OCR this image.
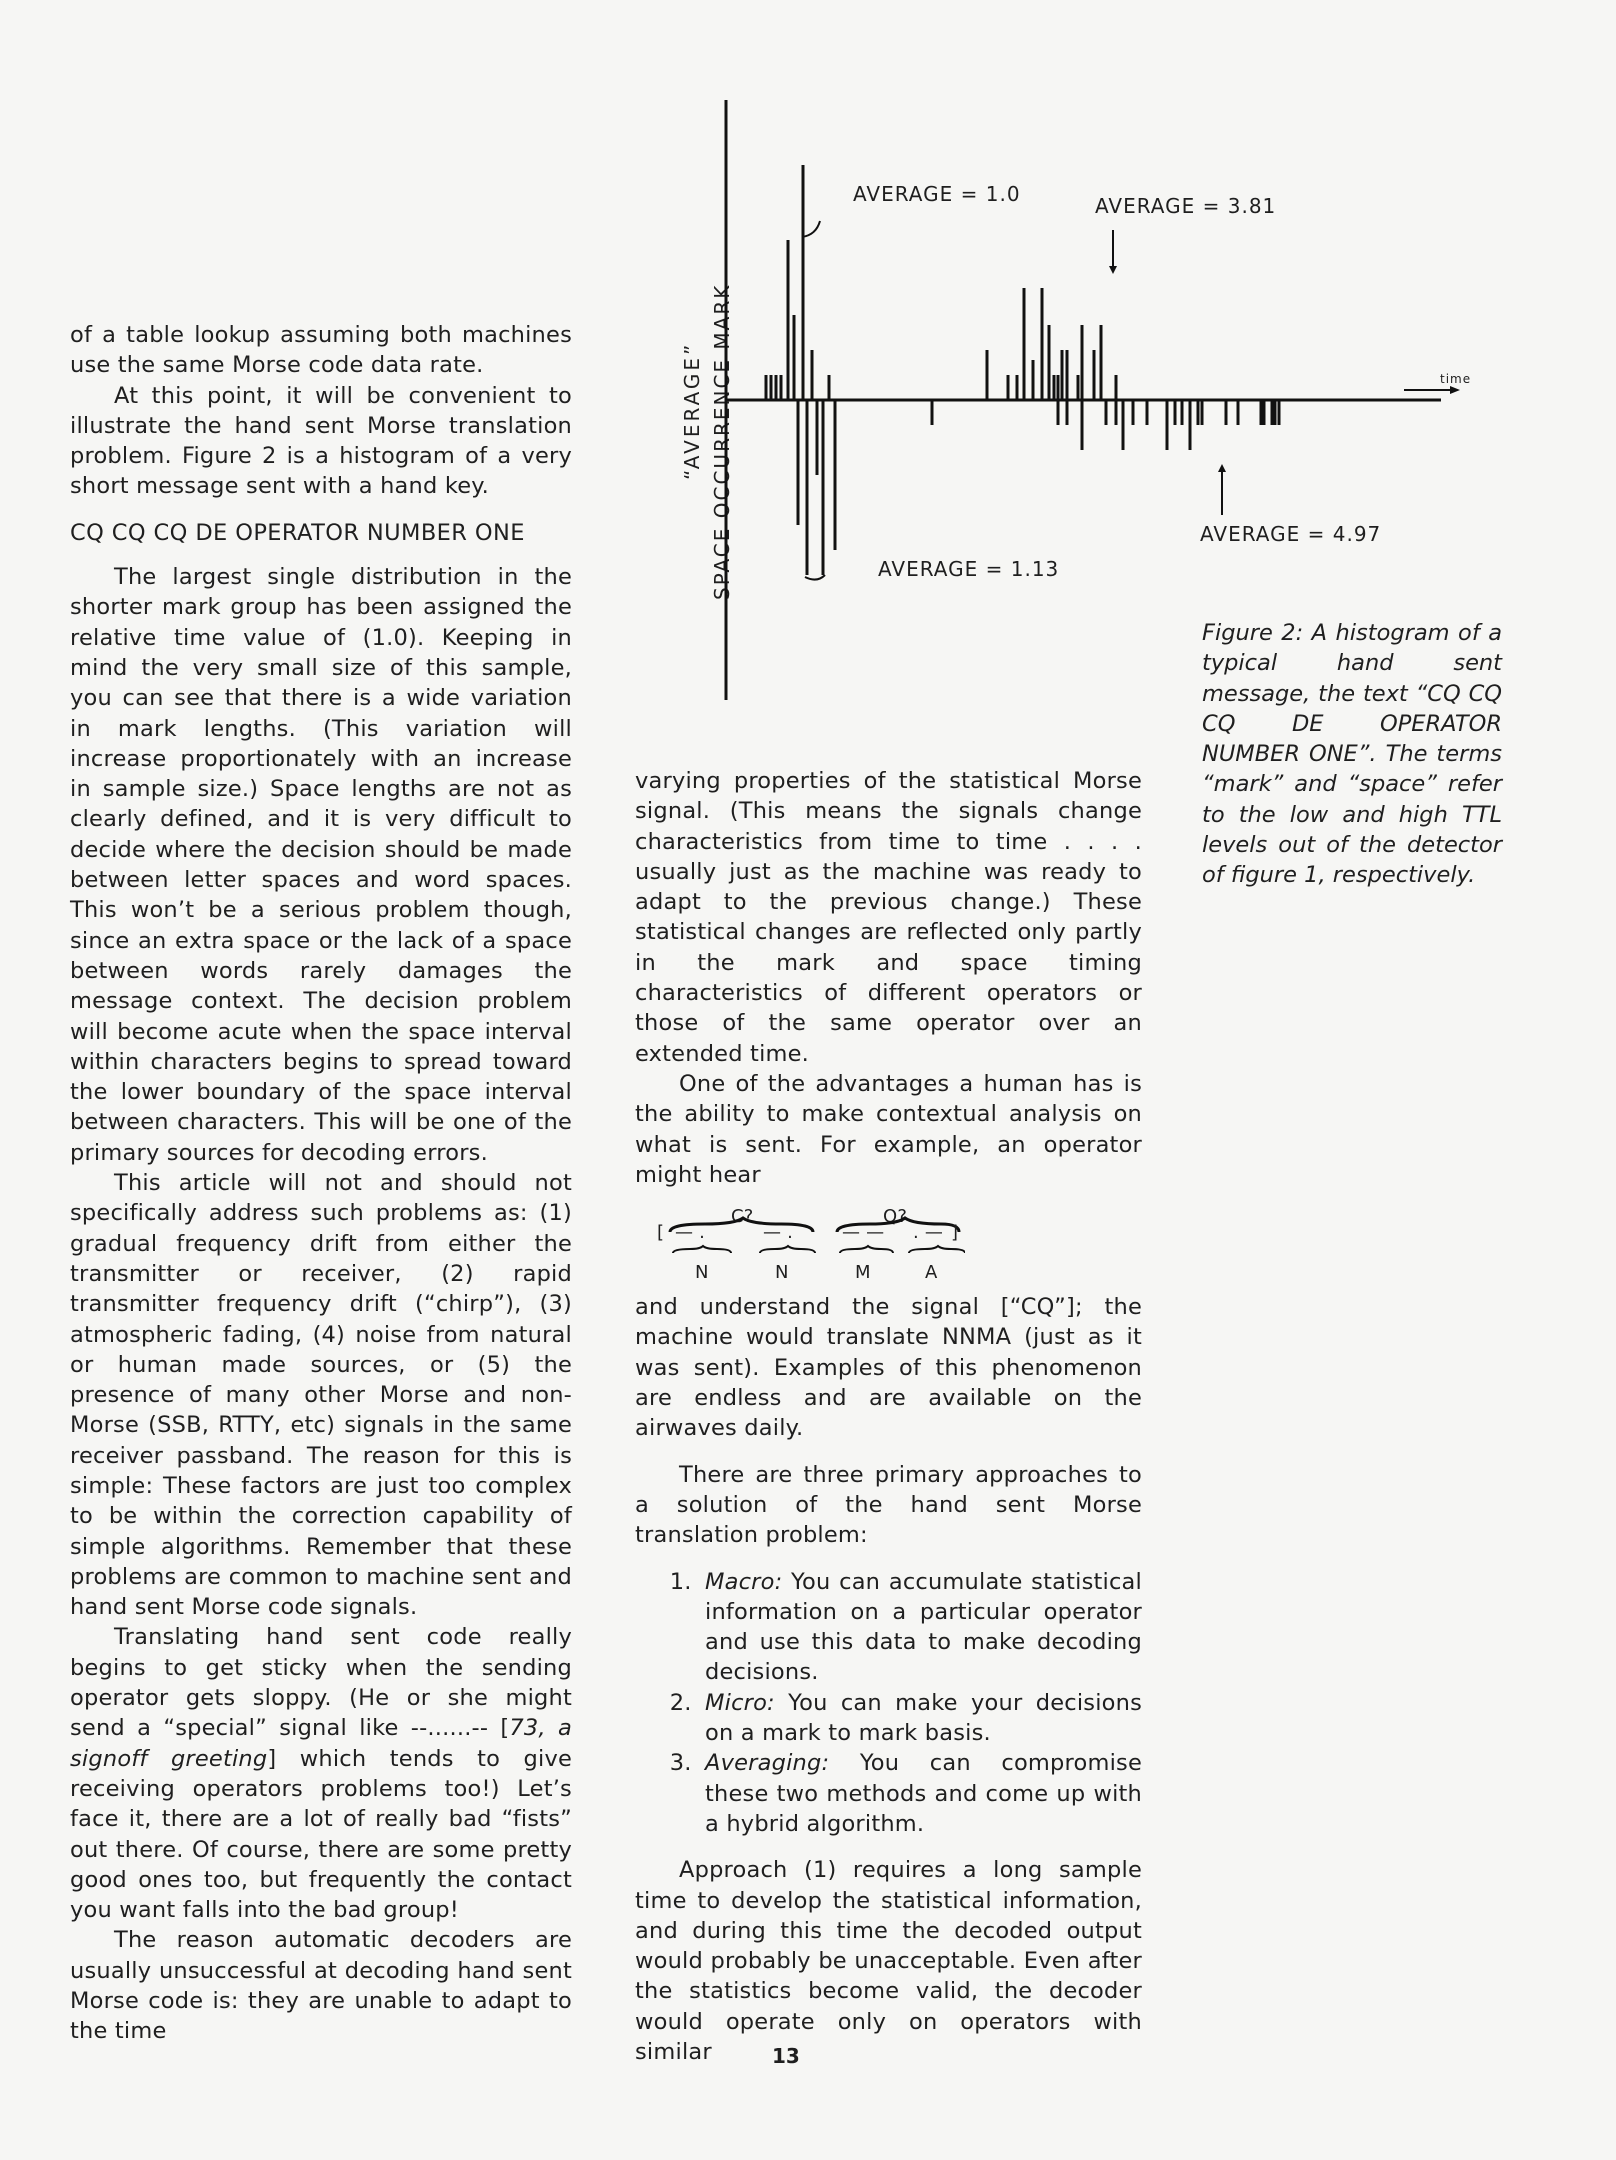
of a table lookup assuming both machines use the same Morse code data rate.

At this point, it will be convenient to illustrate the hand sent Morse translation problem. Figure 2 is a histogram of a very short message sent with a hand key.

CQ CQ CQ DE OPERATOR NUMBER ONE

The largest single distribution in the shorter mark group has been assigned the relative time value of (1.0). Keeping in mind the very small size of this sample, you can see that there is a wide variation in mark lengths. (This variation will increase proportionately with an increase in sample size.) Space lengths are not as clearly defined, and it is very difficult to decide where the decision should be made between letter spaces and word spaces. This won’t be a serious problem though, since an extra space or the lack of a space between words rarely damages the message context. The decision problem will become acute when the space interval within characters begins to spread toward the lower boundary of the space interval between characters. This will be one of the primary sources for decoding errors.

This article will not and should not specifically address such problems as: (1) gradual frequency drift from either the transmitter or receiver, (2) rapid transmitter frequency drift (“chirp”), (3) atmospheric fading, (4) noise from natural or human made sources, or (5) the presence of many other Morse and non-Morse (SSB, RTTY, etc) signals in the same receiver passband. The reason for this is simple: These factors are just too complex to be within the correction capability of simple algorithms. Remember that these problems are common to machine sent and hand sent Morse code signals.

Translating hand sent code really begins to get sticky when the sending operator gets sloppy. (He or she might send a “special” signal like --......-- [73, a signoff greeting] which tends to give receiving operators problems too!) Let’s face it, there are a lot of really bad “fists” out there. Of course, there are some pretty good ones too, but frequently the contact you want falls into the bad group!

The reason automatic decoders are usually unsuccessful at decoding hand sent Morse code is: they are unable to adapt to the time

“AVERAGE” SPACE OCCURRENCE MARK
AVERAGE = 1.0	AVERAGE = 3.81
AVERAGE = 1.13
AVERAGE = 4.97
time
Figure 2: A histogram of a typical hand sent message, the text “CQ CQ CQ DE OPERATOR NUMBER ONE”. The terms “mark” and “space” refer to the low and high TTL levels out of the detector of figure 1, respectively.

varying properties of the statistical Morse signal. (This means the signals change characteristics from time to time . . . . usually just as the machine was ready to adapt to the previous change.) These statistical changes are reflected only partly in the mark and space timing characteristics of different operators or those of the same operator over an extended time.

One of the advantages a human has is the ability to make contextual analysis on what is sent. For example, an operator might hear

C?	Q?
[ — .	— .	— — . — ]
N	N	M	A

and understand the signal [“CQ”]; the machine would translate NNMA (just as it was sent). Examples of this phenomenon are endless and are available on the airwaves daily.

There are three primary approaches to a solution of the hand sent Morse translation problem:

1. Macro: You can accumulate statistical information on a particular operator and use this data to make decoding decisions.
2. Micro: You can make your decisions on a mark to mark basis.
3. Averaging: You can compromise these two methods and come up with a hybrid algorithm.

Approach (1) requires a long sample time to develop the statistical information, and during this time the decoded output would probably be unacceptable. Even after the statistics become valid, the decoder would operate only on operators with similar	13
